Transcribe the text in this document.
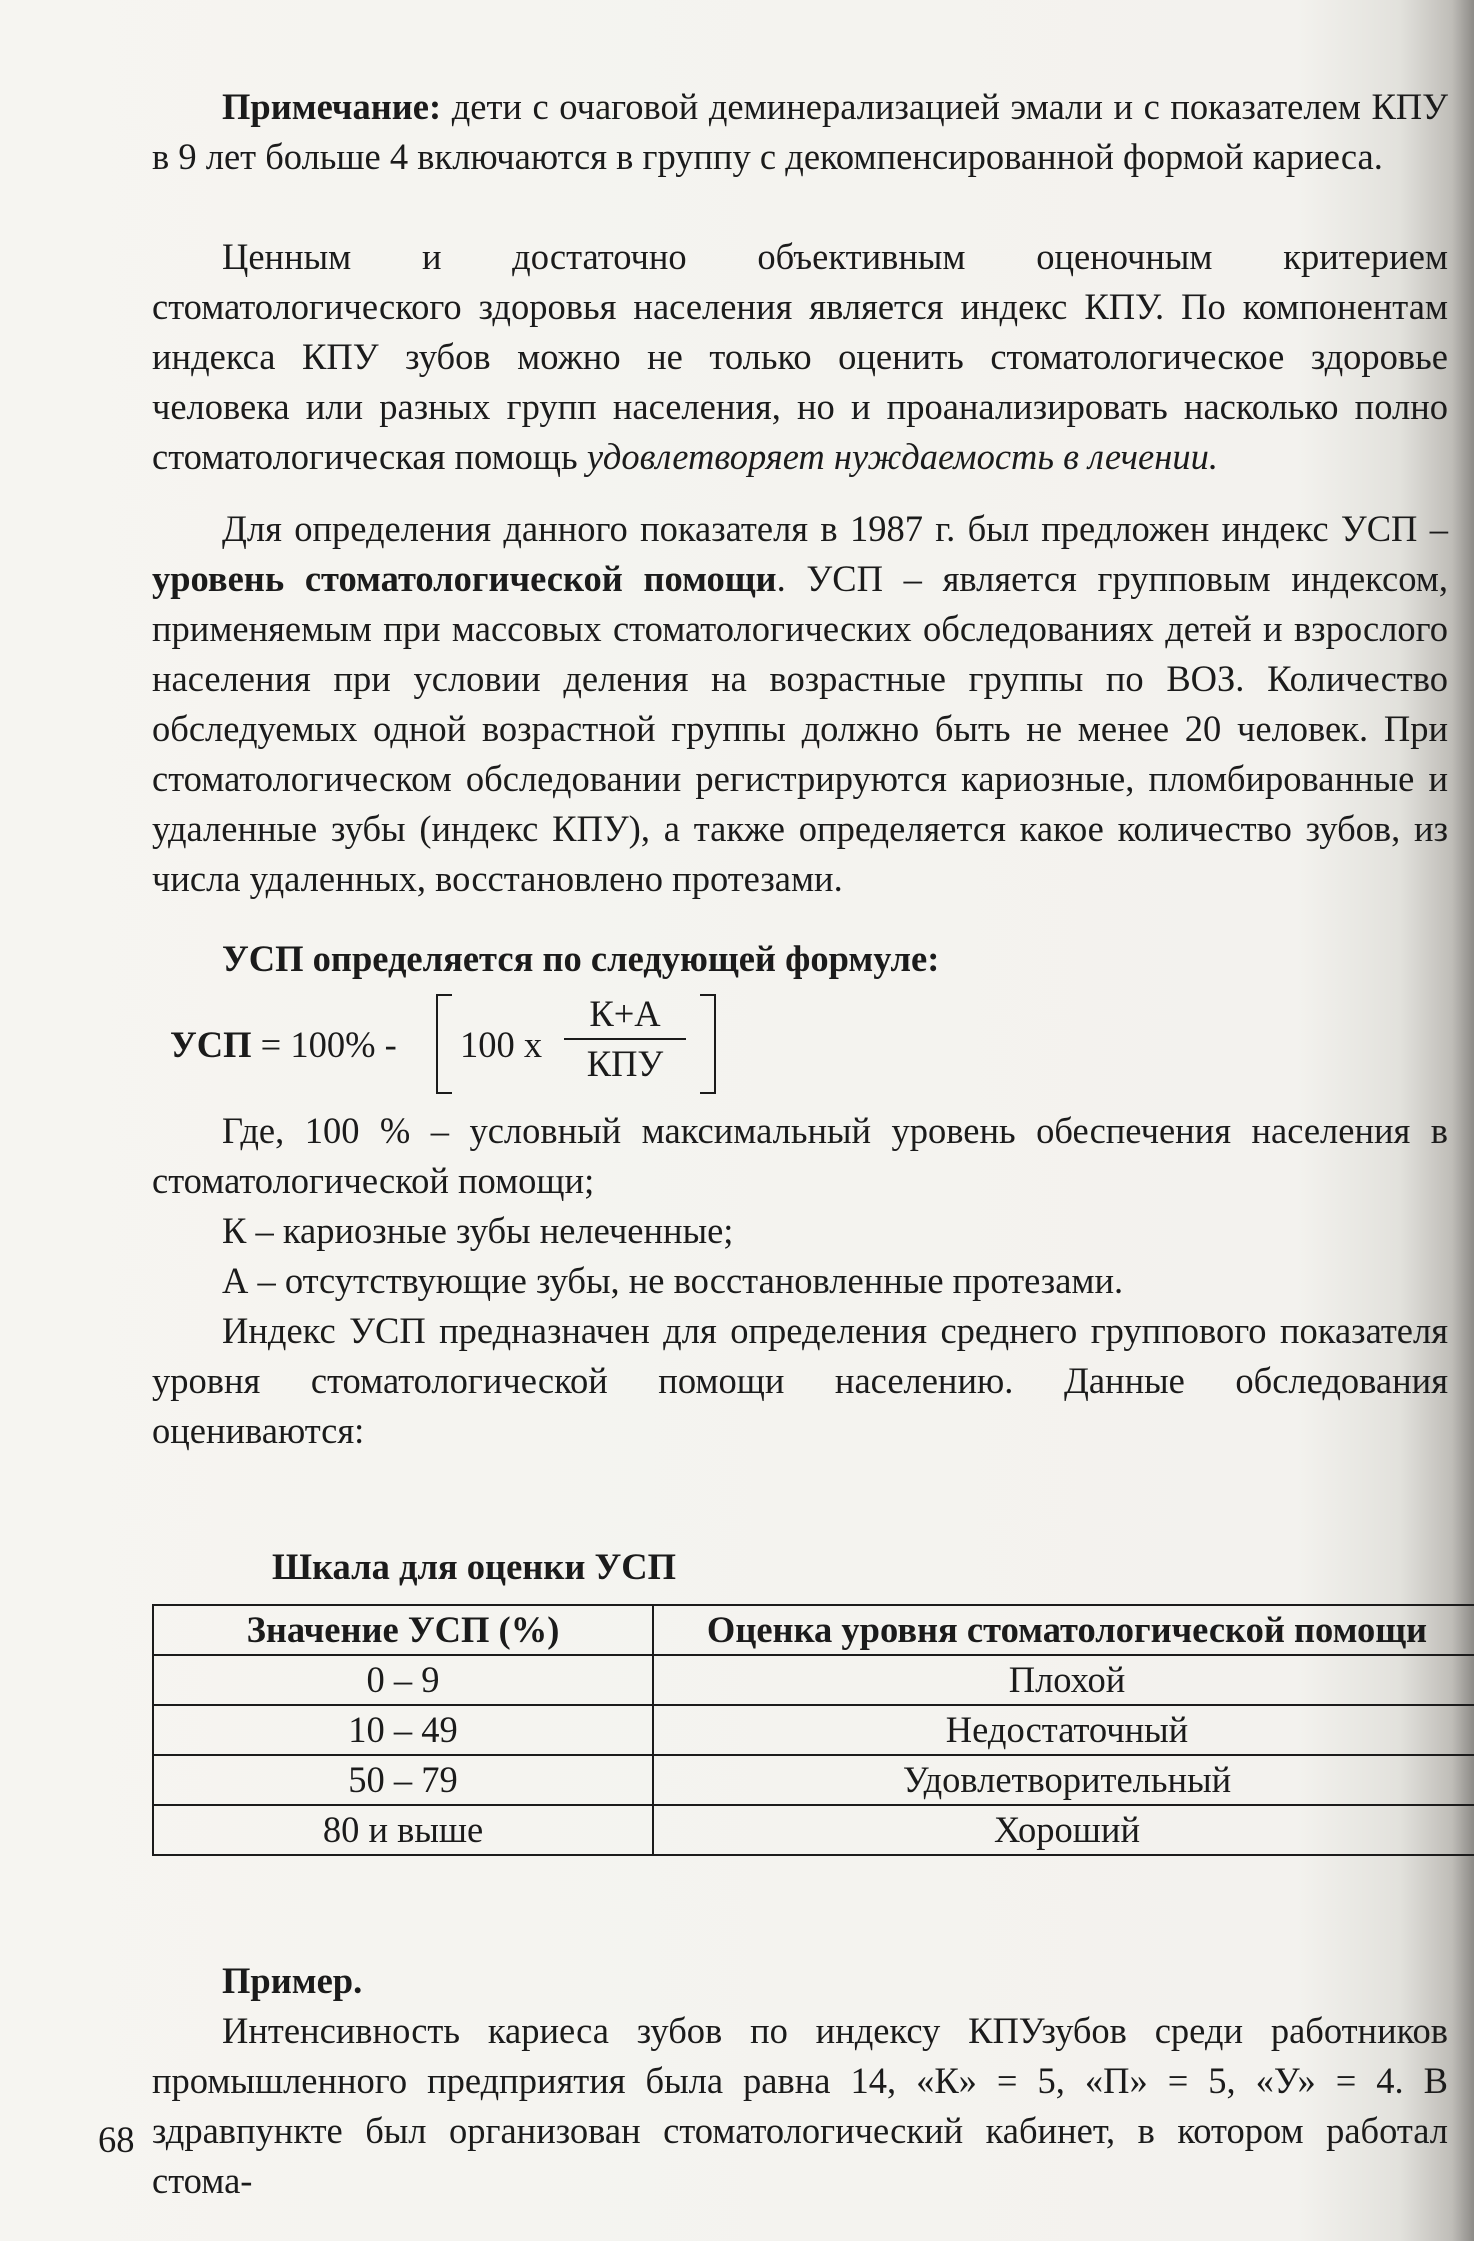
Примечание: дети с очаговой деминерализацией эмали и с показателем КПУ в 9 лет больше 4 включаются в группу с декомпенсированной формой кариеса.

Ценным и достаточно объективным оценочным критерием стоматологического здоровья населения является индекс КПУ. По компонентам индекса КПУ зубов можно не только оценить стоматологическое здоровье человека или разных групп населения, но и проанализировать насколько полно стоматологическая помощь удовлетворяет нуждаемость в лечении.

Для определения данного показателя в 1987 г. был предложен индекс УСП – уровень стоматологической помощи. УСП – является групповым индексом, применяемым при массовых стоматологических обследованиях детей и взрослого населения при условии деления на возрастные группы по ВОЗ. Количество обследуемых одной возрастной группы должно быть не менее 20 человек. При стоматологическом обследовании регистрируются кариозные, пломбированные и удаленные зубы (индекс КПУ), а также определяется какое количество зубов, из числа удаленных, восстановлено протезами.

УСП определяется по следующей формуле:

УСП = 100% - 100 х
К+А
КПУ

Где, 100 % – условный максимальный уровень обеспечения населения в стоматологической помощи;

К – кариозные зубы нелеченные;

А – отсутствующие зубы, не восстановленные протезами.

Индекс УСП предназначен для определения среднего группового показателя уровня стоматологической помощи населению. Данные обследования оцениваются:

Шкала для оценки УСП

Значение УСП (%)	Оценка уровня стоматологической помощи
0 – 9	Плохой
10 – 49	Недостаточный
50 – 79	Удовлетворительный
80 и выше	Хороший

Пример.

Интенсивность кариеса зубов по индексу КПУзубов среди работников промышленного предприятия была равна 14, «К» = 5, «П» = 5, «У» = 4. В здравпункте был организован стоматологический кабинет, в котором работал стома-

68
